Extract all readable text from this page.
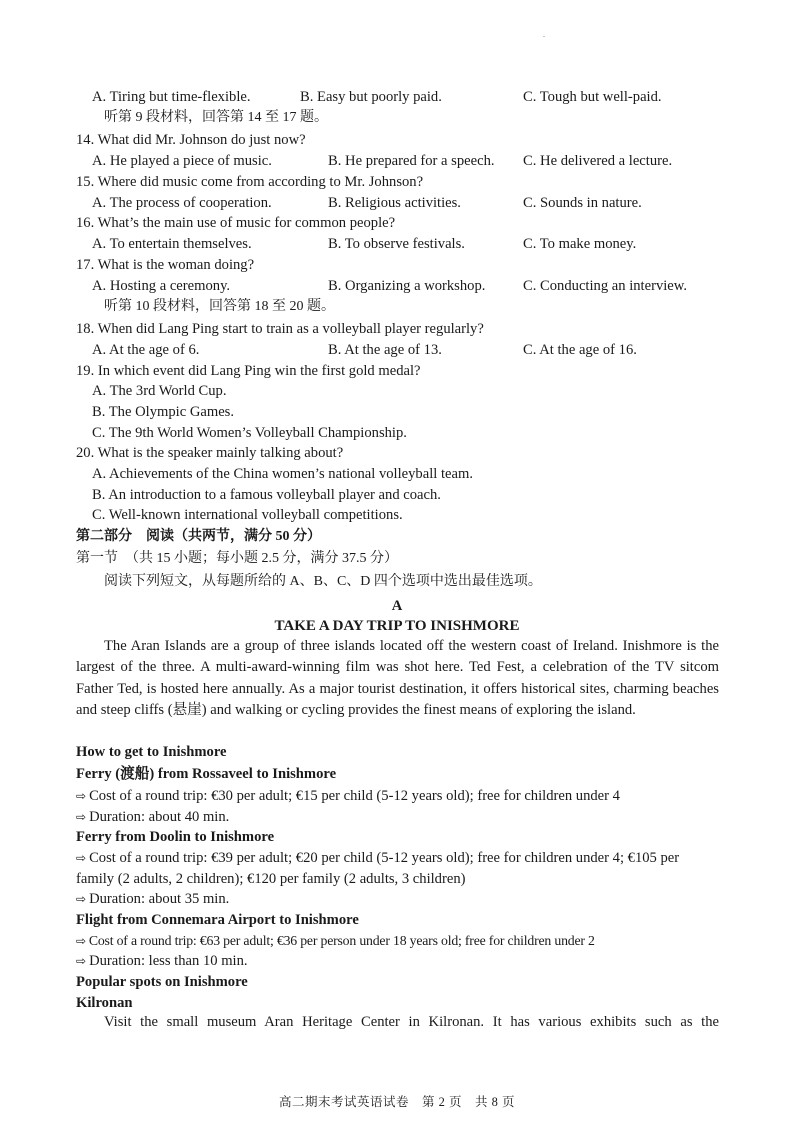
.
A. Tiring but time-flexible.	B. Easy but poorly paid.	C. Tough but well-paid.
听第 9 段材料，回答第 14 至 17 题。
14. What did Mr. Johnson do just now?
A. He played a piece of music.	B. He prepared for a speech. C. He delivered a lecture.
15. Where did music come from according to Mr. Johnson?
A. The process of cooperation.	B. Religious activities.	C. Sounds in nature.
16. What’s the main use of music for common people?
A. To entertain themselves.	B. To observe festivals.	C. To make money.
17. What is the woman doing?
A. Hosting a ceremony.	B. Organizing a workshop.	C. Conducting an interview.
听第 10 段材料，回答第 18 至 20 题。
18. When did Lang Ping start to train as a volleyball player regularly?
A. At the age of 6.	B. At the age of 13.	C. At the age of 16.
19. In which event did Lang Ping win the first gold medal?
A. The 3rd World Cup.
B. The Olympic Games.
C. The 9th World Women’s Volleyball Championship.
20. What is the speaker mainly talking about?
A. Achievements of the China women’s national volleyball team.
B. An introduction to a famous volleyball player and coach.
C. Well-known international volleyball competitions.
第二部分　阅读（共两节，满分 50 分）
第一节　（共 15 小题；每小题 2.5 分，满分 37.5 分）
阅读下列短文，从每题所给的 A、B、C、D 四个选项中选出最佳选项。
A
TAKE A DAY TRIP TO INISHMORE

The Aran Islands are a group of three islands located off the western coast of Ireland. Inishmore is the largest of the three. A multi-award-winning film was shot here. Ted Fest, a celebration of the TV sitcom Father Ted, is hosted here annually. As a major tourist destination, it offers historical sites, charming beaches and steep cliffs (悬崖) and walking or cycling provides the finest means of exploring the island.

How to get to Inishmore
Ferry (渡船) from Rossaveel to Inishmore
⇨ Cost of a round trip: €30 per adult; €15 per child (5-12 years old); free for children under 4
⇨ Duration: about 40 min.
Ferry from Doolin to Inishmore
⇨ Cost of a round trip: €39 per adult; €20 per child (5-12 years old); free for children under 4; €105 per family (2 adults, 2 children); €120 per family (2 adults, 3 children)
⇨ Duration: about 35 min.
Flight from Connemara Airport to Inishmore
⇨ Cost of a round trip: €63 per adult; €36 per person under 18 years old; free for children under 2
⇨ Duration: less than 10 min.
Popular spots on Inishmore
Kilronan

Visit the small museum Aran Heritage Center in Kilronan. It has various exhibits such as the

高二期末考试英语试卷　第 2 页　共 8 页
